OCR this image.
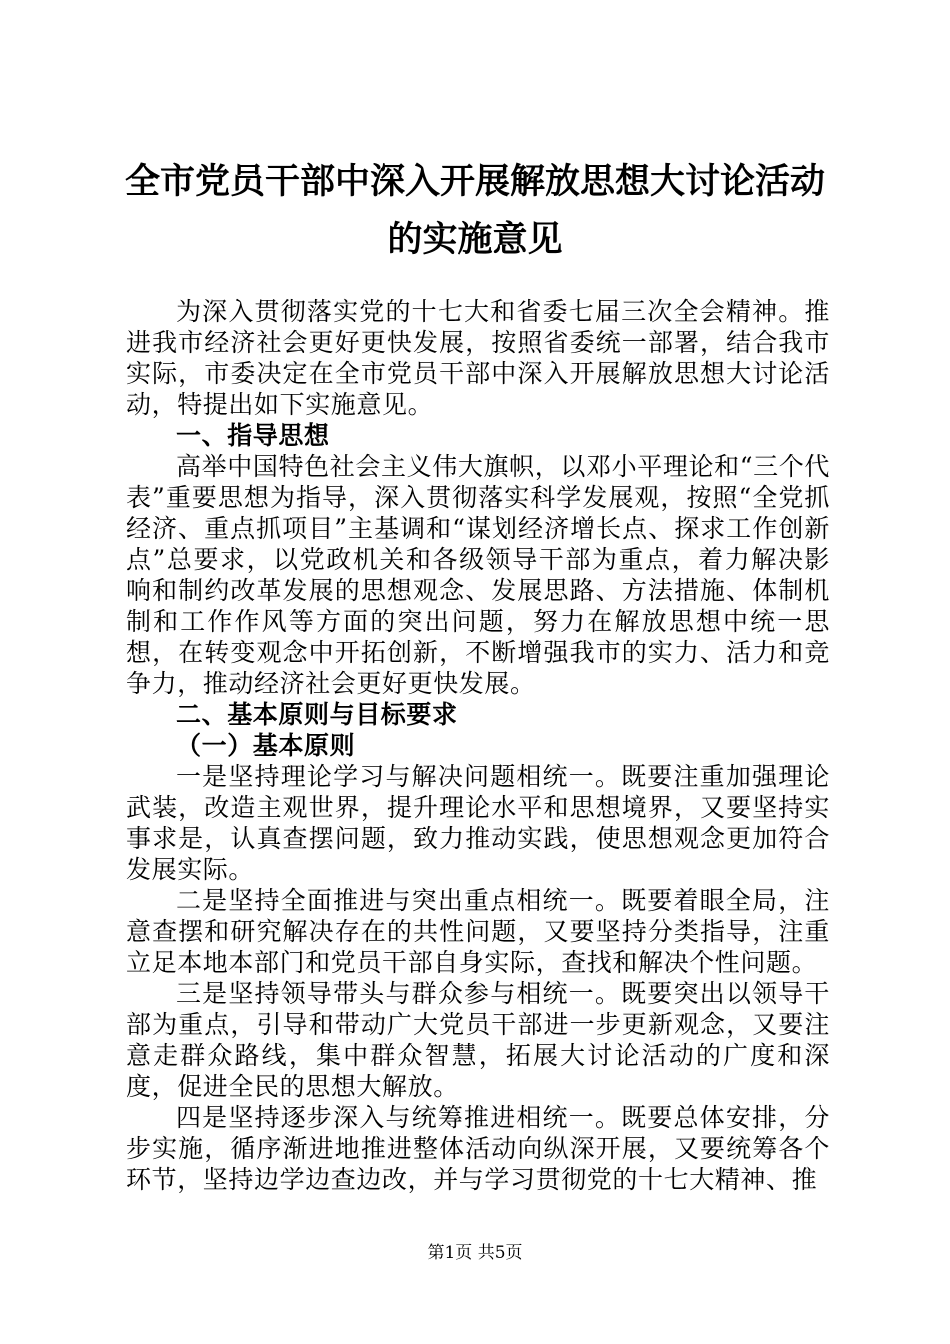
全市党员干部中深入开展解放思想大讨论活动
的实施意见

为深入贯彻落实党的十七大和省委七届三次全会精神。推进我市经济社会更好更快发展，按照省委统一部署，结合我市实际，市委决定在全市党员干部中深入开展解放思想大讨论活动，特提出如下实施意见。

一、指导思想

高举中国特色社会主义伟大旗帜，以邓小平理论和“三个代表”重要思想为指导，深入贯彻落实科学发展观，按照“全党抓经济、重点抓项目”主基调和“谋划经济增长点、探求工作创新点”总要求，以党政机关和各级领导干部为重点，着力解决影响和制约改革发展的思想观念、发展思路、方法措施、体制机制和工作作风等方面的突出问题，努力在解放思想中统一思想，在转变观念中开拓创新，不断增强我市的实力、活力和竞争力，推动经济社会更好更快发展。

二、基本原则与目标要求

（一）基本原则

一是坚持理论学习与解决问题相统一。既要注重加强理论武装，改造主观世界，提升理论水平和思想境界，又要坚持实事求是，认真查摆问题，致力推动实践，使思想观念更加符合发展实际。

二是坚持全面推进与突出重点相统一。既要着眼全局，注意查摆和研究解决存在的共性问题，又要坚持分类指导，注重立足本地本部门和党员干部自身实际，查找和解决个性问题。

三是坚持领导带头与群众参与相统一。既要突出以领导干部为重点，引导和带动广大党员干部进一步更新观念，又要注意走群众路线，集中群众智慧，拓展大讨论活动的广度和深度，促进全民的思想大解放。

四是坚持逐步深入与统筹推进相统一。既要总体安排，分步实施，循序渐进地推进整体活动向纵深开展，又要统筹各个环节，坚持边学边查边改，并与学习贯彻党的十七大精神、推

第1页 共5页
